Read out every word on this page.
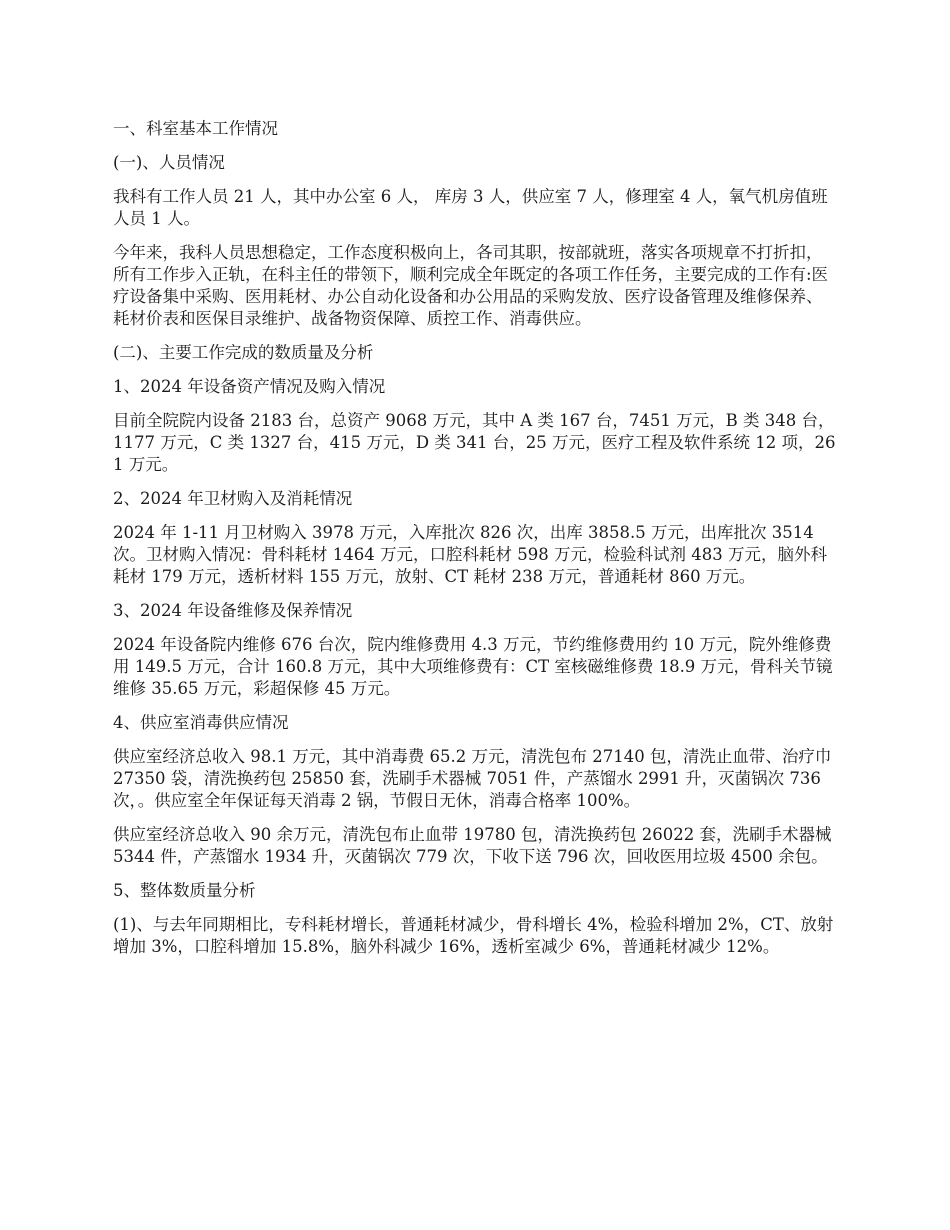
一、科室基本工作情况

(一)、人员情况

我科有工作人员 21 人，其中办公室 6 人， 库房 3 人，供应室 7 人，修理室 4 人，氧气机房值班人员 1 人。

今年来，我科人员思想稳定，工作态度积极向上，各司其职，按部就班，落实各项规章不打折扣，所有工作步入正轨，在科主任的带领下，顺利完成全年既定的各项工作任务，主要完成的工作有:医疗设备集中采购、医用耗材、办公自动化设备和办公用品的采购发放、医疗设备管理及维修保养、耗材价表和医保目录维护、战备物资保障、质控工作、消毒供应。

(二)、主要工作完成的数质量及分析

1、2024 年设备资产情况及购入情况

目前全院院内设备 2183 台，总资产 9068 万元，其中 A 类 167 台，7451 万元，B 类 348 台，1177 万元，C 类 1327 台，415 万元，D 类 341 台，25 万元，医疗工程及软件系统 12 项，261 万元。

2、2024 年卫材购入及消耗情况

2024 年 1-11 月卫材购入 3978 万元，入库批次 826 次，出库 3858.5 万元，出库批次 3514 次。卫材购入情况：骨科耗材 1464 万元，口腔科耗材 598 万元，检验科试剂 483 万元，脑外科耗材 179 万元，透析材料 155 万元，放射、CT 耗材 238 万元，普通耗材 860 万元。

3、2024 年设备维修及保养情况

2024 年设备院内维修 676 台次，院内维修费用 4.3 万元，节约维修费用约 10 万元，院外维修费用 149.5 万元，合计 160.8 万元，其中大项维修费有：CT 室核磁维修费 18.9 万元，骨科关节镜维修 35.65 万元，彩超保修 45 万元。

4、供应室消毒供应情况

供应室经济总收入 98.1 万元，其中消毒费 65.2 万元，清洗包布 27140 包，清洗止血带、治疗巾 27350 袋，清洗换药包 25850 套，洗刷手术器械 7051 件，产蒸馏水 2991 升，灭菌锅次 736 次，。供应室全年保证每天消毒 2 锅，节假日无休，消毒合格率 100%。

供应室经济总收入 90 余万元，清洗包布止血带 19780 包，清洗换药包 26022 套，洗刷手术器械 5344 件，产蒸馏水 1934 升，灭菌锅次 779 次，下收下送 796 次，回收医用垃圾 4500 余包。

5、整体数质量分析

(1)、与去年同期相比，专科耗材增长，普通耗材减少，骨科增长 4%，检验科增加 2%，CT、放射增加 3%，口腔科增加 15.8%，脑外科减少 16%，透析室减少 6%，普通耗材减少 12%。
